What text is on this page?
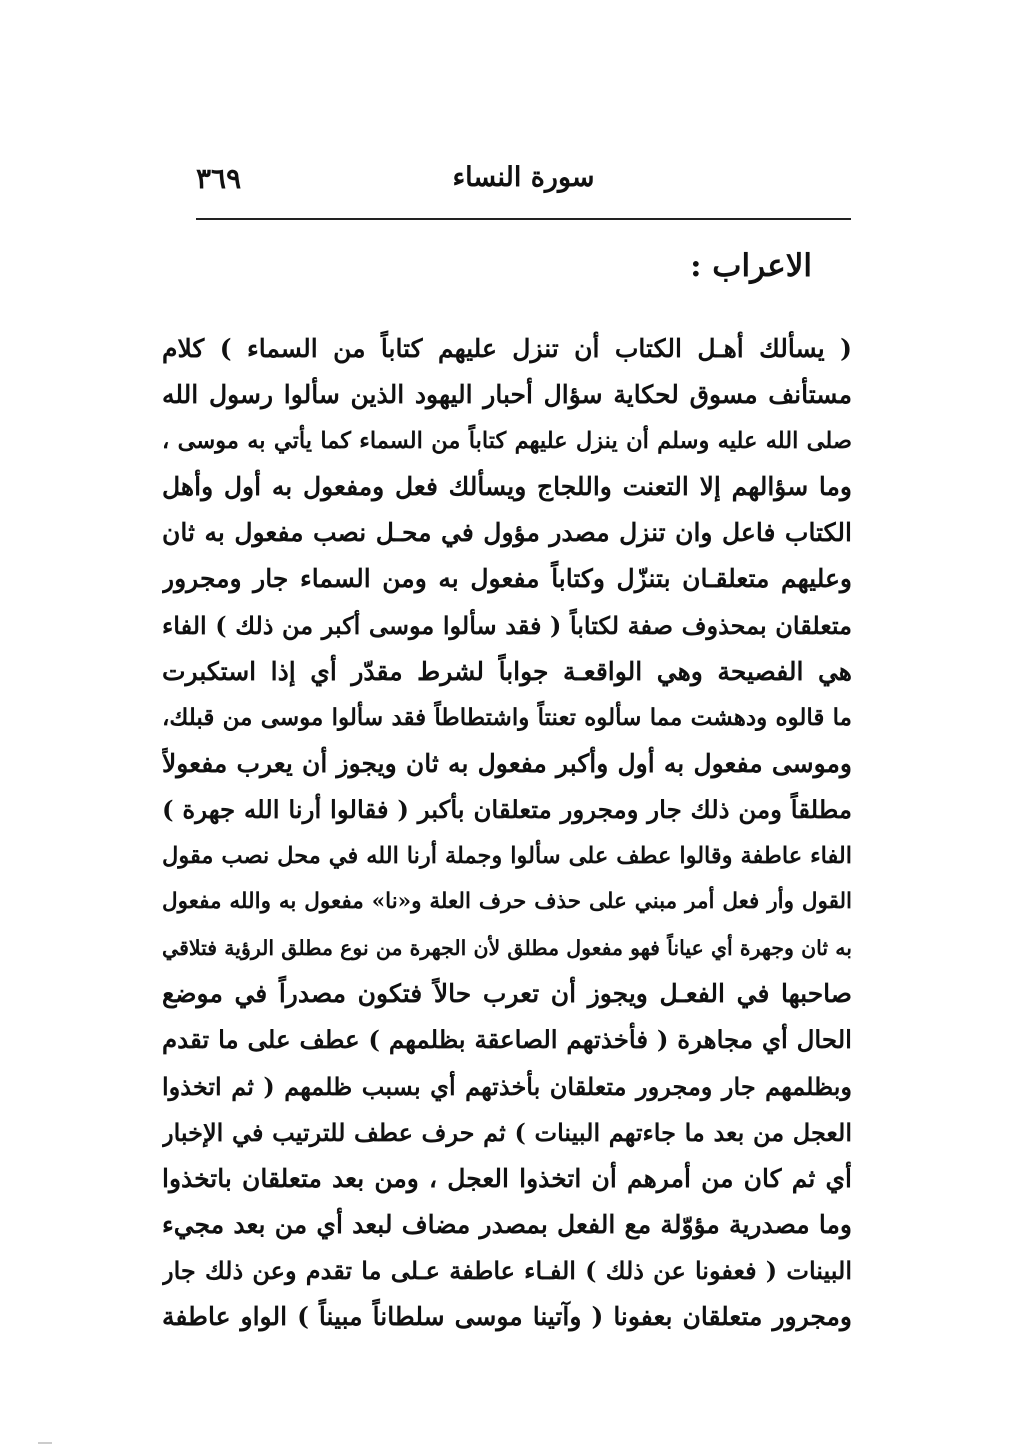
سورة النساء
٣٦٩
الاعراب :
( يسألك أهـل الكتاب أن تنزل عليهم كتاباً من السماء ) كلام
مستأنف مسوق لحكاية سؤال أحبار اليهود الذين سألوا رسول الله
صلى الله عليه وسلم أن ينزل عليهم كتاباً من السماء كما يأتي به موسى ،
وما سؤالهم إلا التعنت واللجاج ويسألك فعل ومفعول به أول وأهل
الكتاب فاعل وان تنزل مصدر مؤول في محـل نصب مفعول به ثان
وعليهم متعلقـان بتنزّل وكتاباً مفعول به ومن السماء جار ومجرور
متعلقان بمحذوف صفة لكتاباً ( فقد سألوا موسى أكبر من ذلك ) الفاء
هي الفصيحة وهي الواقعـة جواباً لشرط مقدّر أي إذا استكبرت
ما قالوه ودهشت مما سألوه تعنتاً واشتطاطاً فقد سألوا موسى من قبلك،
وموسى مفعول به أول وأكبر مفعول به ثان ويجوز أن يعرب مفعولاً
مطلقاً ومن ذلك جار ومجرور متعلقان بأكبر ( فقالوا أرنا الله جهرة )
الفاء عاطفة وقالوا عطف على سألوا وجملة أرنا الله في محل نصب مقول
القول وأر فعل أمر مبني على حذف حرف العلة و«نا» مفعول به والله مفعول
به ثان وجهرة أي عياناً فهو مفعول مطلق لأن الجهرة من نوع مطلق الرؤية فتلاقي
صاحبها في الفعـل ويجوز أن تعرب حالاً فتكون مصدراً في موضع
الحال أي مجاهرة ( فأخذتهم الصاعقة بظلمهم ) عطف على ما تقدم
وبظلمهم جار ومجرور متعلقان بأخذتهم أي بسبب ظلمهم ( ثم اتخذوا
العجل من بعد ما جاءتهم البينات ) ثم حرف عطف للترتيب في الإخبار
أي ثم كان من أمرهم أن اتخذوا العجل ، ومن بعد متعلقان باتخذوا
وما مصدرية مؤوّلة مع الفعل بمصدر مضاف لبعد أي من بعد مجيء
البينات ( فعفونا عن ذلك ) الفـاء عاطفة عـلى ما تقدم وعن ذلك جار
ومجرور متعلقان بعفونا ( وآتينا موسى سلطاناً مبيناً ) الواو عاطفة
